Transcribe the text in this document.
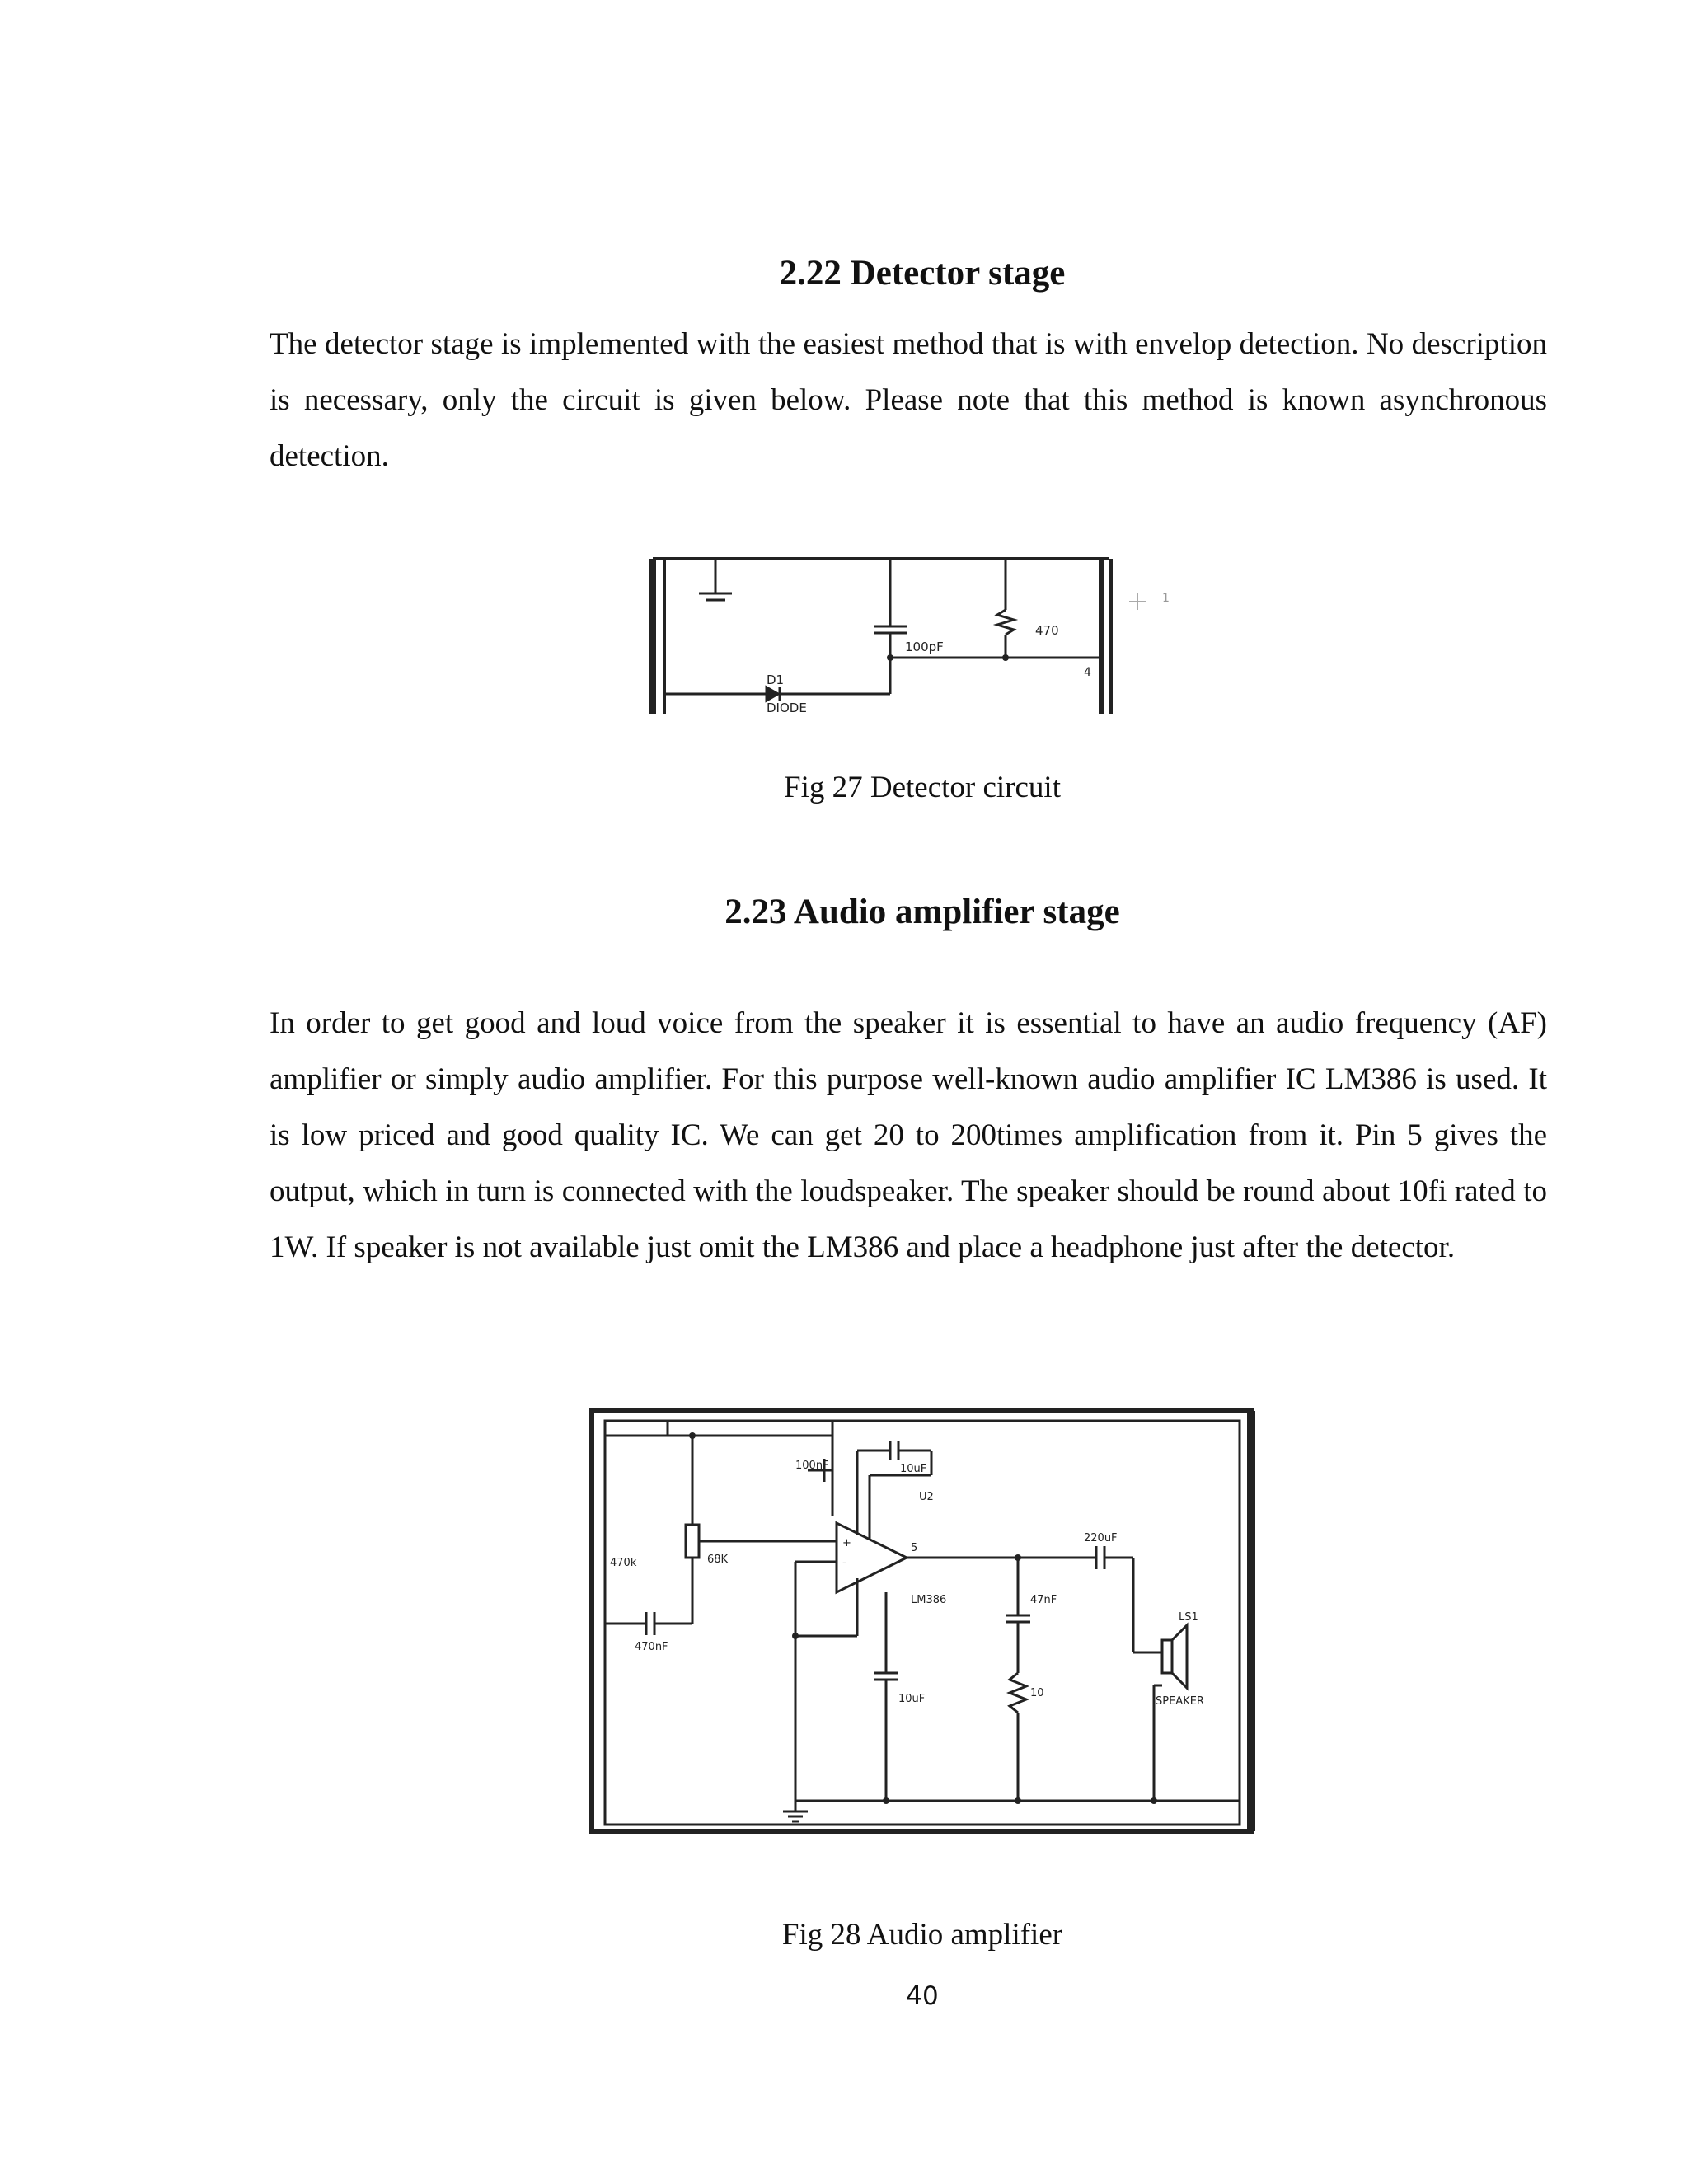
2.22 Detector stage

The detector stage is implemented with the easiest method that is with envelop detection. No description is necessary, only the circuit is given below. Please note that this method is known asynchronous detection.

100pF
470
D1
DIODE
4
1
Fig 27 Detector circuit
2.23 Audio amplifier stage

In order to get good and loud voice from the speaker it is essential to have an audio frequency (AF) amplifier or simply audio amplifier. For this purpose well-known audio amplifier IC LM386 is used. It is low priced and good quality IC. We can get 20 to 200times amplification from it. Pin 5 gives the output, which in turn is connected with the loudspeaker. The speaker should be round about 10fi rated to 1W. If speaker is not available just omit the LM386 and place a headphone just after the detector.

100nF	10uF
U2
5
+
-
LM386
220uF
47nF
10
10uF
470k	68K
470nF
LS1
SPEAKER
Fig 28 Audio amplifier
40
